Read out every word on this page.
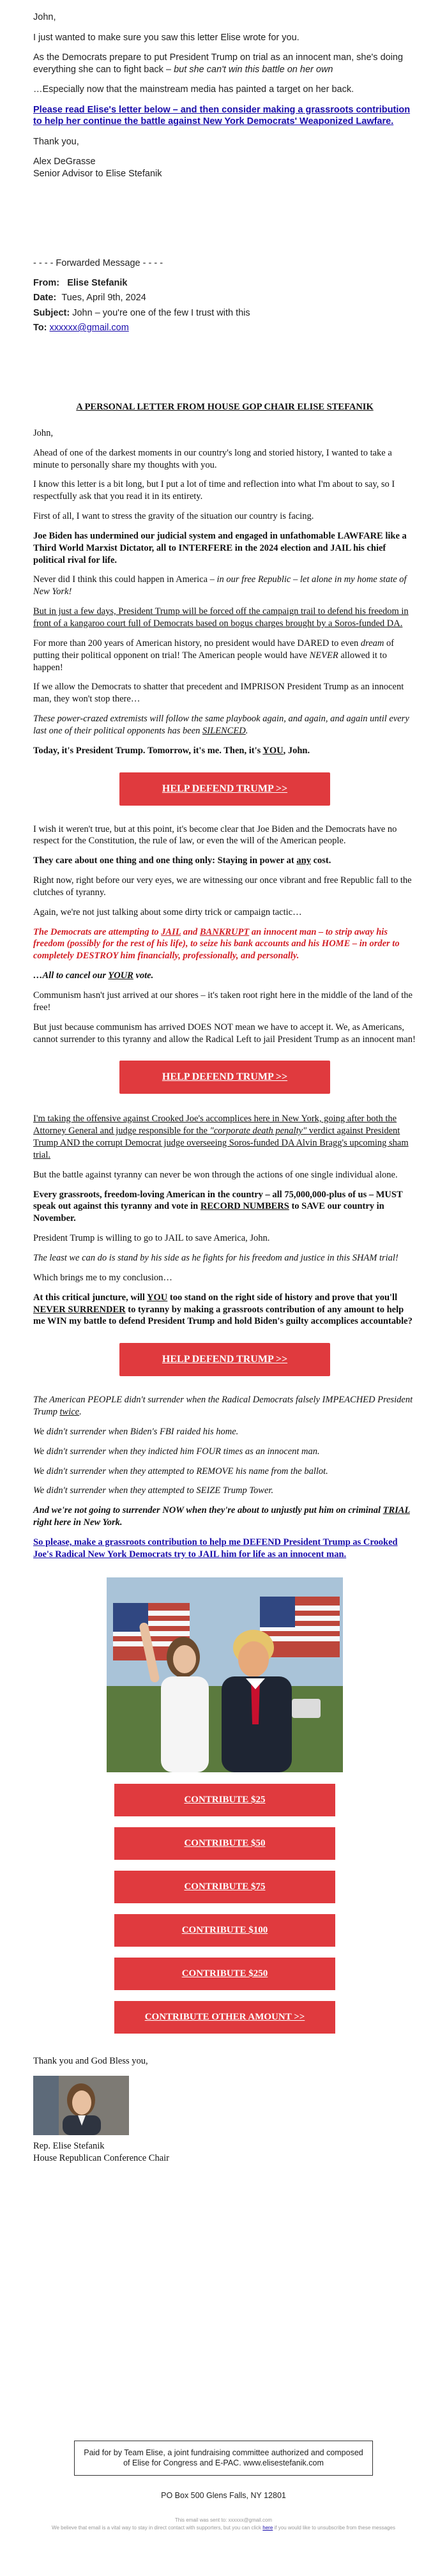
John,

I just wanted to make sure you saw this letter Elise wrote for you.

As the Democrats prepare to put President Trump on trial as an innocent man, she's doing everything she can to fight back – but she can't win this battle on her own

…Especially now that the mainstream media has painted a target on her back.

Please read Elise's letter below – and then consider making a grassroots contribution to help her continue the battle against New York Democrats' Weaponized Lawfare.

Thank you,

Alex DeGrasse
Senior Advisor to Elise Stefanik

- - - - Forwarded Message - - - -

From: Elise Stefanik

Date: Tues, April 9th, 2024

Subject: John – you're one of the few I trust with this

To: xxxxxx@gmail.com

A PERSONAL LETTER FROM HOUSE GOP CHAIR ELISE STEFANIK

John,

Ahead of one of the darkest moments in our country's long and storied history, I wanted to take a minute to personally share my thoughts with you.

I know this letter is a bit long, but I put a lot of time and reflection into what I'm about to say, so I respectfully ask that you read it in its entirety.

First of all, I want to stress the gravity of the situation our country is facing.

Joe Biden has undermined our judicial system and engaged in unfathomable LAWFARE like a Third World Marxist Dictator, all to INTERFERE in the 2024 election and JAIL his chief political rival for life.

Never did I think this could happen in America – in our free Republic – let alone in my home state of New York!

But in just a few days, President Trump will be forced off the campaign trail to defend his freedom in front of a kangaroo court full of Democrats based on bogus charges brought by a Soros-funded DA.

For more than 200 years of American history, no president would have DARED to even dream of putting their political opponent on trial! The American people would have NEVER allowed it to happen!

If we allow the Democrats to shatter that precedent and IMPRISON President Trump as an innocent man, they won't stop there…

These power-crazed extremists will follow the same playbook again, and again, and again until every last one of their political opponents has been SILENCED.

Today, it's President Trump. Tomorrow, it's me. Then, it's YOU, John.

HELP DEFEND TRUMP >>

I wish it weren't true, but at this point, it's become clear that Joe Biden and the Democrats have no respect for the Constitution, the rule of law, or even the will of the American people.

They care about one thing and one thing only: Staying in power at any cost.

Right now, right before our very eyes, we are witnessing our once vibrant and free Republic fall to the clutches of tyranny.

Again, we're not just talking about some dirty trick or campaign tactic…

The Democrats are attempting to JAIL and BANKRUPT an innocent man – to strip away his freedom (possibly for the rest of his life), to seize his bank accounts and his HOME – in order to completely DESTROY him financially, professionally, and personally.

…All to cancel our YOUR vote.

Communism hasn't just arrived at our shores – it's taken root right here in the middle of the land of the free!

But just because communism has arrived DOES NOT mean we have to accept it. We, as Americans, cannot surrender to this tyranny and allow the Radical Left to jail President Trump as an innocent man!

HELP DEFEND TRUMP >>

I'm taking the offensive against Crooked Joe's accomplices here in New York, going after both the Attorney General and judge responsible for the "corporate death penalty" verdict against President Trump AND the corrupt Democrat judge overseeing Soros-funded DA Alvin Bragg's upcoming sham trial.

But the battle against tyranny can never be won through the actions of one single individual alone.

Every grassroots, freedom-loving American in the country – all 75,000,000-plus of us – MUST speak out against this tyranny and vote in RECORD NUMBERS to SAVE our country in November.

President Trump is willing to go to JAIL to save America, John.

The least we can do is stand by his side as he fights for his freedom and justice in this SHAM trial!

Which brings me to my conclusion…

At this critical juncture, will YOU too stand on the right side of history and prove that you'll NEVER SURRENDER to tyranny by making a grassroots contribution of any amount to help me WIN my battle to defend President Trump and hold Biden's guilty accomplices accountable?

HELP DEFEND TRUMP >>

The American PEOPLE didn't surrender when the Radical Democrats falsely IMPEACHED President Trump twice.

We didn't surrender when Biden's FBI raided his home.

We didn't surrender when they indicted him FOUR times as an innocent man.

We didn't surrender when they attempted to REMOVE his name from the ballot.

We didn't surrender when they attempted to SEIZE Trump Tower.

And we're not going to surrender NOW when they're about to unjustly put him on criminal TRIAL right here in New York.

So please, make a grassroots contribution to help me DEFEND President Trump as Crooked Joe's Radical New York Democrats try to JAIL him for life as an innocent man.

CONTRIBUTE $25
CONTRIBUTE $50
CONTRIBUTE $75
CONTRIBUTE $100
CONTRIBUTE $250
CONTRIBUTE OTHER AMOUNT >>

Thank you and God Bless you,

Rep. Elise Stefanik
House Republican Conference Chair

Paid for by Team Elise, a joint fundraising committee authorized and composed of Elise for Congress and E-PAC. www.elisestefanik.com
PO Box 500 Glens Falls, NY 12801
This email was sent to: xxxxxx@gmail.com
We believe that email is a vital way to stay in direct contact with supporters, but you can click here if you would like to unsubscribe from these messages
